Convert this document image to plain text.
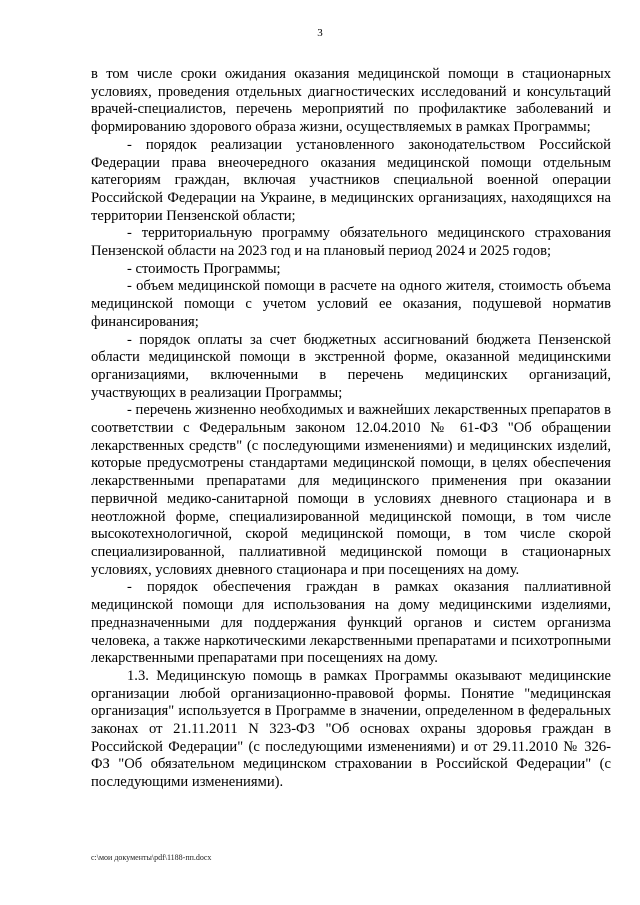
3

в том числе сроки ожидания оказания медицинской помощи в стационарных условиях, проведения отдельных диагностических исследований и консультаций врачей-специалистов, перечень мероприятий по профилактике заболеваний и формированию здорового образа жизни, осуществляемых в рамках Программы;

- порядок реализации установленного законодательством Российской Федерации права внеочередного оказания медицинской помощи отдельным категориям граждан, включая участников специальной военной операции Российской Федерации на Украине, в медицинских организациях, находящихся на территории Пензенской области;

- территориальную программу обязательного медицинского страхования Пензенской области на 2023 год и на плановый период 2024 и 2025 годов;

- стоимость Программы;

- объем медицинской помощи в расчете на одного жителя, стоимость объема медицинской помощи с учетом условий ее оказания, подушевой норматив финансирования;

- порядок оплаты за счет бюджетных ассигнований бюджета Пензенской области медицинской помощи в экстренной форме, оказанной медицинскими организациями, включенными в перечень медицинских организаций, участвующих в реализации Программы;

- перечень жизненно необходимых и важнейших лекарственных препаратов в соответствии с Федеральным законом 12.04.2010 № 61-ФЗ "Об обращении лекарственных средств" (с последующими изменениями) и медицинских изделий, которые предусмотрены стандартами медицинской помощи, в целях обеспечения лекарственными препаратами для медицинского применения при оказании первичной медико-санитарной помощи в условиях дневного стационара и в неотложной форме, специализированной медицинской помощи, в том числе высокотехнологичной, скорой медицинской помощи, в том числе скорой специализированной, паллиативной медицинской помощи в стационарных условиях, условиях дневного стационара и при посещениях на дому.

- порядок обеспечения граждан в рамках оказания паллиативной медицинской помощи для использования на дому медицинскими изделиями, предназначенными для поддержания функций органов и систем организма человека, а также наркотическими лекарственными препаратами и психотропными лекарственными препаратами при посещениях на дому.

1.3. Медицинскую помощь в рамках Программы оказывают медицинские организации любой организационно-правовой формы. Понятие "медицинская организация" используется в Программе в значении, определенном в федеральных законах от 21.11.2011 N 323-ФЗ "Об основах охраны здоровья граждан в Российской Федерации" (с последующими изменениями) и от 29.11.2010 № 326-ФЗ "Об обязательном медицинском страховании в Российской Федерации" (с последующими изменениями).

c:\мои документы\pdf\1188-пп.docx
